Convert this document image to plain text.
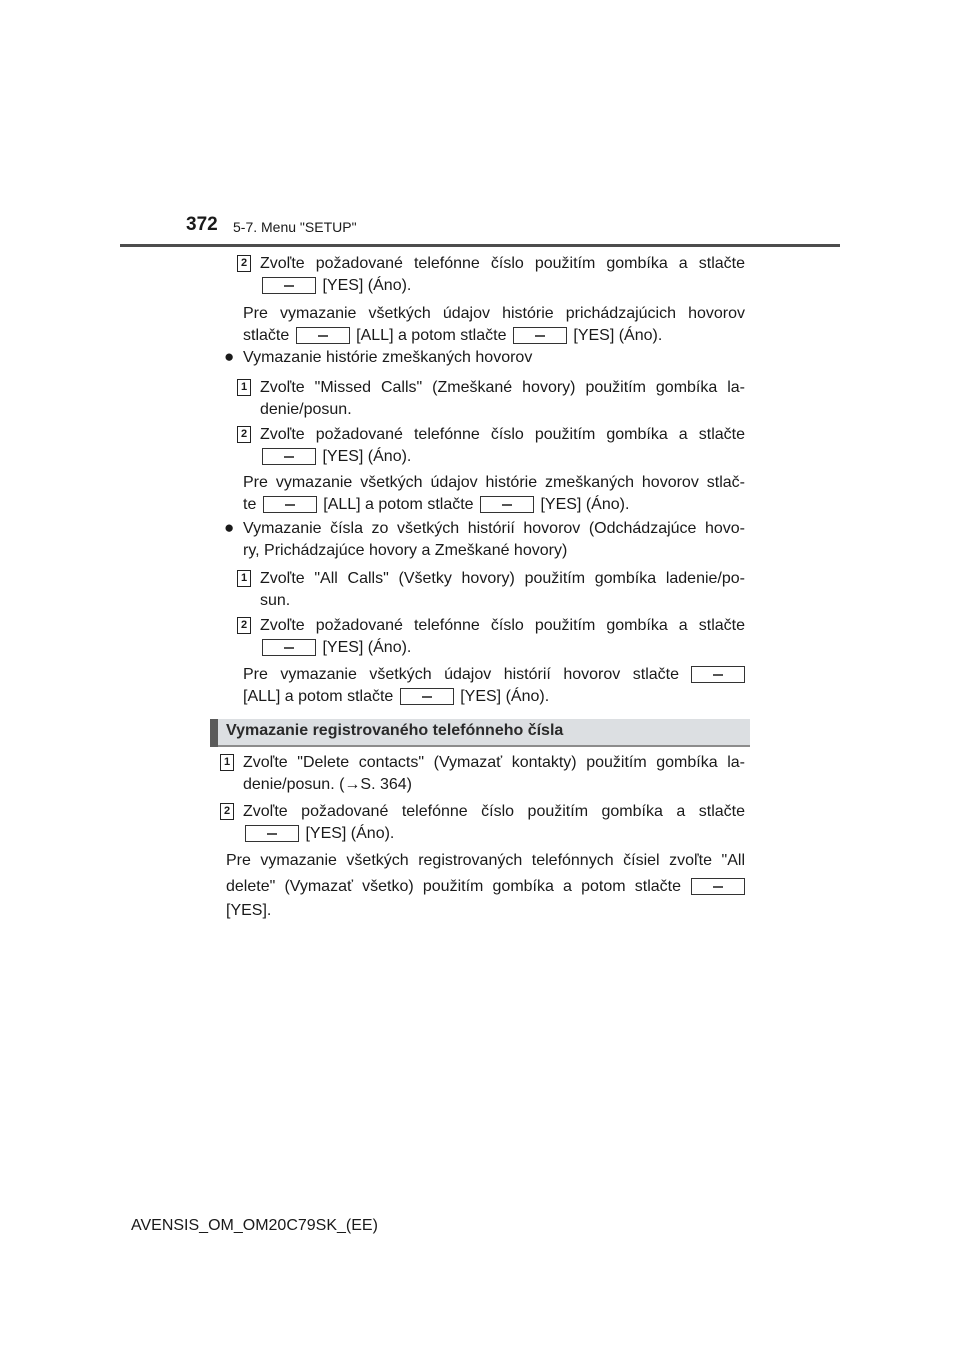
372 5-7. Menu "SETUP"
2 Zvoľte požadované telefónne číslo použitím gombíka a stlačte
[YES] (Áno).
Pre vymazanie všetkých údajov histórie prichádzajúcich hovorov
stlačte	[ALL] a potom stlačte	[YES] (Áno).
● Vymazanie histórie zmeškaných hovorov
1 Zvoľte "Missed Calls" (Zmeškané hovory) použitím gombíka la-
denie/posun.
2 Zvoľte požadované telefónne číslo použitím gombíka a stlačte
[YES] (Áno).
Pre vymazanie všetkých údajov histórie zmeškaných hovorov stlač-
te	[ALL] a potom stlačte	[YES] (Áno).
● Vymazanie čísla zo všetkých histórií hovorov (Odchádzajúce hovo-
ry, Prichádzajúce hovory a Zmeškané hovory)
1 Zvoľte "All Calls" (Všetky hovory) použitím gombíka ladenie/po-
sun.
2 Zvoľte požadované telefónne číslo použitím gombíka a stlačte
[YES] (Áno).
Pre vymazanie všetkých údajov histórií hovorov stlačte
[ALL] a potom stlačte	[YES] (Áno).
Vymazanie registrovaného telefónneho čísla
1 Zvoľte "Delete contacts" (Vymazať kontakty) použitím gombíka la-
denie/posun. (→S. 364)
2 Zvoľte požadované telefónne číslo použitím gombíka a stlačte
[YES] (Áno).
Pre vymazanie všetkých registrovaných telefónnych čísiel zvoľte "All
delete" (Vymazať všetko) použitím gombíka a potom stlačte
[YES].
AVENSIS_OM_OM20C79SK_(EE)
